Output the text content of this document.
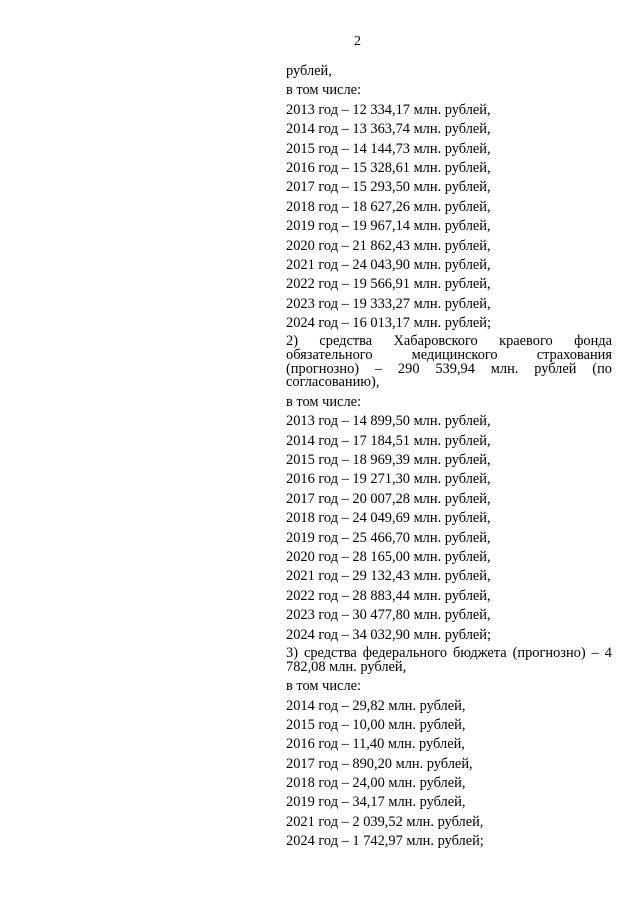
2
рублей,
в том числе:
2013 год – 12 334,17 млн. рублей,
2014 год – 13 363,74 млн. рублей,
2015 год – 14 144,73 млн. рублей,
2016 год – 15 328,61 млн. рублей,
2017 год – 15 293,50 млн. рублей,
2018 год – 18 627,26 млн. рублей,
2019 год – 19 967,14 млн. рублей,
2020 год – 21 862,43 млн. рублей,
2021 год – 24 043,90 млн. рублей,
2022 год – 19 566,91 млн. рублей,
2023 год – 19 333,27 млн. рублей,
2024 год – 16 013,17 млн. рублей;
2) средства Хабаровского краевого фонда обязательного медицинского страхования (прогнозно) – 290 539,94 млн. рублей (по согласованию),
в том числе:
2013 год – 14 899,50 млн. рублей,
2014 год – 17 184,51 млн. рублей,
2015 год – 18 969,39 млн. рублей,
2016 год – 19 271,30 млн. рублей,
2017 год – 20 007,28 млн. рублей,
2018 год – 24 049,69 млн. рублей,
2019 год – 25 466,70 млн. рублей,
2020 год – 28 165,00 млн. рублей,
2021 год – 29 132,43 млн. рублей,
2022 год – 28 883,44 млн. рублей,
2023 год – 30 477,80 млн. рублей,
2024 год – 34 032,90 млн. рублей;
3) средства федерального бюджета (прогнозно) – 4 782,08 млн. рублей,
в том числе:
2014 год – 29,82 млн. рублей,
2015 год – 10,00 млн. рублей,
2016 год – 11,40 млн. рублей,
2017 год – 890,20 млн. рублей,
2018 год – 24,00 млн. рублей,
2019 год – 34,17 млн. рублей,
2021 год – 2 039,52 млн. рублей,
2024 год – 1 742,97 млн. рублей;
